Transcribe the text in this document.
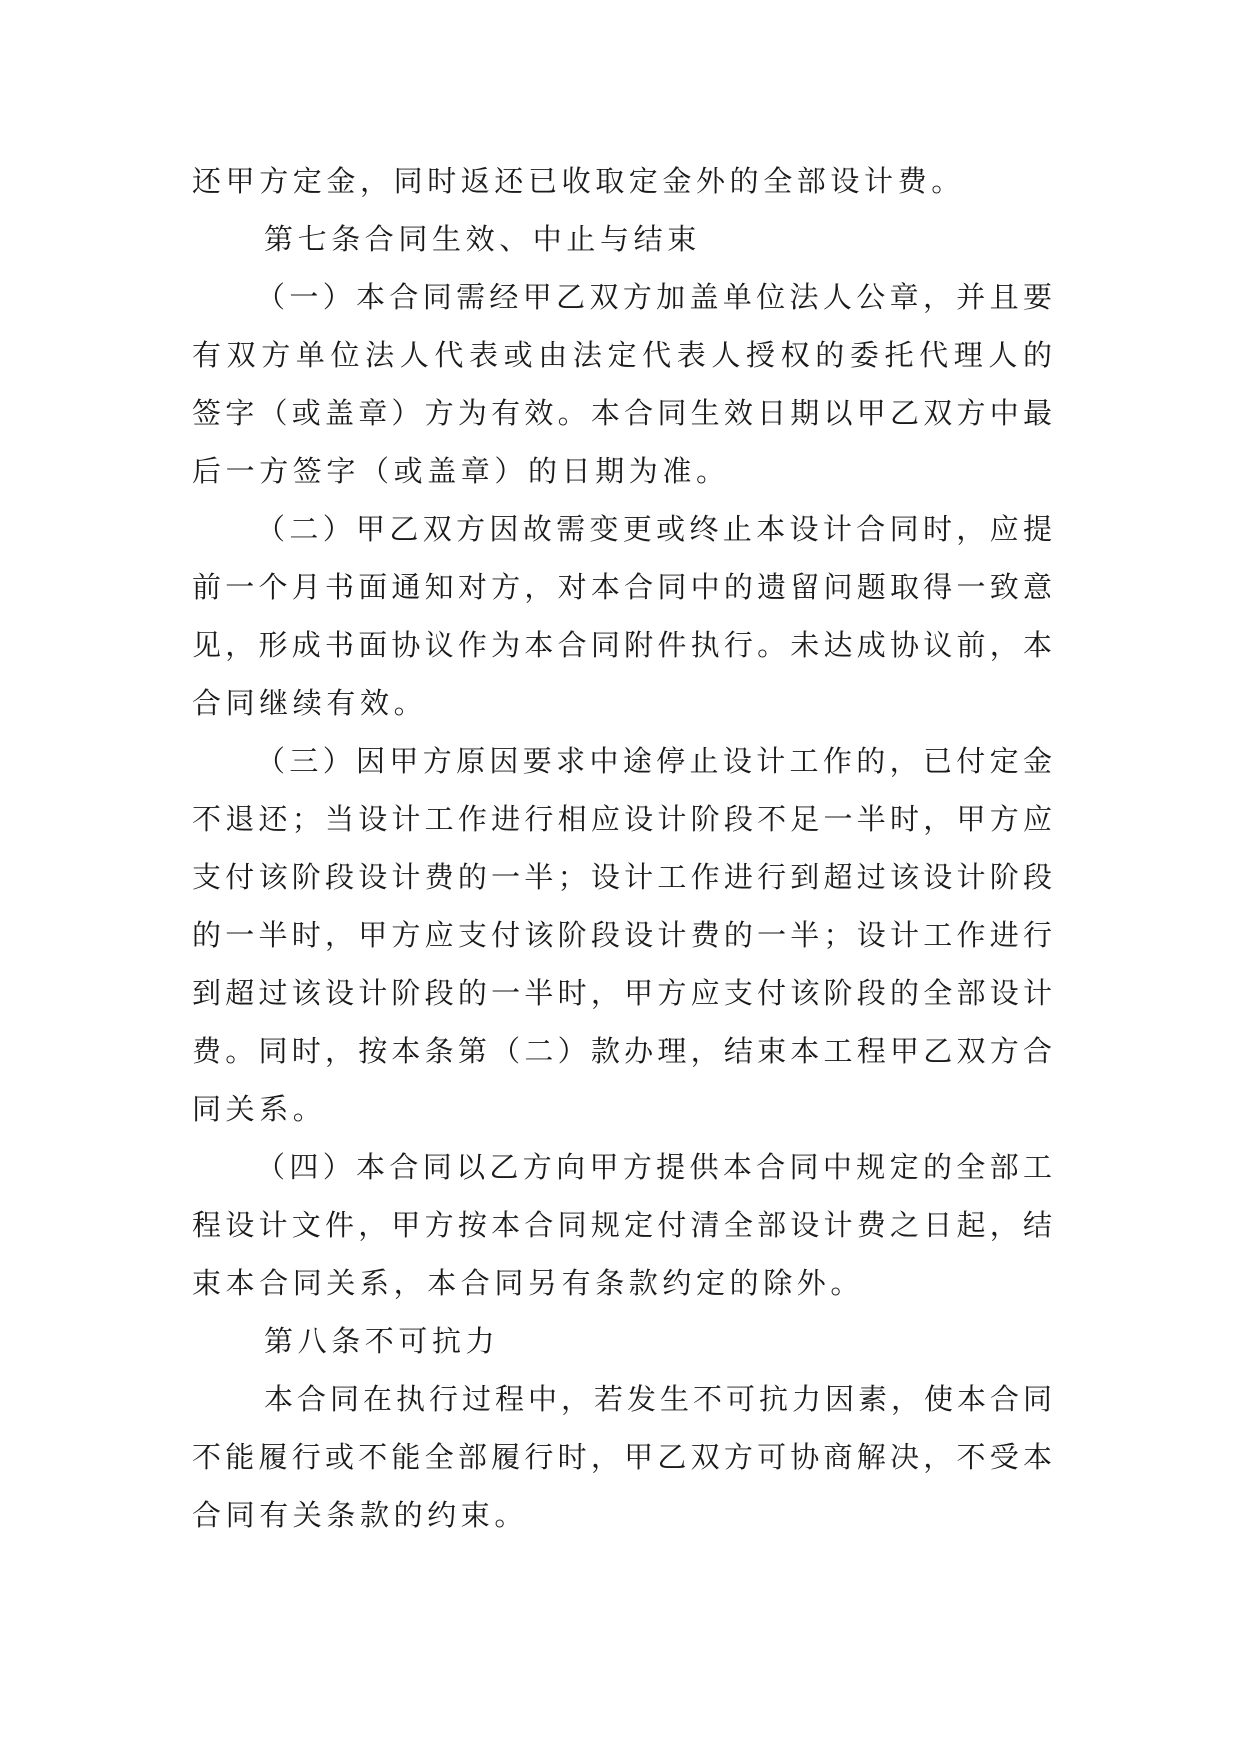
还甲方定金，同时返还已收取定金外的全部设计费。
第七条合同生效、中止与结束
（一）本合同需经甲乙双方加盖单位法人公章，并且要
有双方单位法人代表或由法定代表人授权的委托代理人的
签字（或盖章）方为有效。本合同生效日期以甲乙双方中最
后一方签字（或盖章）的日期为准。
（二）甲乙双方因故需变更或终止本设计合同时，应提
前一个月书面通知对方，对本合同中的遗留问题取得一致意
见，形成书面协议作为本合同附件执行。未达成协议前，本
合同继续有效。
（三）因甲方原因要求中途停止设计工作的，已付定金
不退还；当设计工作进行相应设计阶段不足一半时，甲方应
支付该阶段设计费的一半；设计工作进行到超过该设计阶段
的一半时，甲方应支付该阶段设计费的一半；设计工作进行
到超过该设计阶段的一半时，甲方应支付该阶段的全部设计
费。同时，按本条第（二）款办理，结束本工程甲乙双方合
同关系。
（四）本合同以乙方向甲方提供本合同中规定的全部工
程设计文件，甲方按本合同规定付清全部设计费之日起，结
束本合同关系，本合同另有条款约定的除外。
第八条不可抗力
本合同在执行过程中，若发生不可抗力因素，使本合同
不能履行或不能全部履行时，甲乙双方可协商解决，不受本
合同有关条款的约束。
